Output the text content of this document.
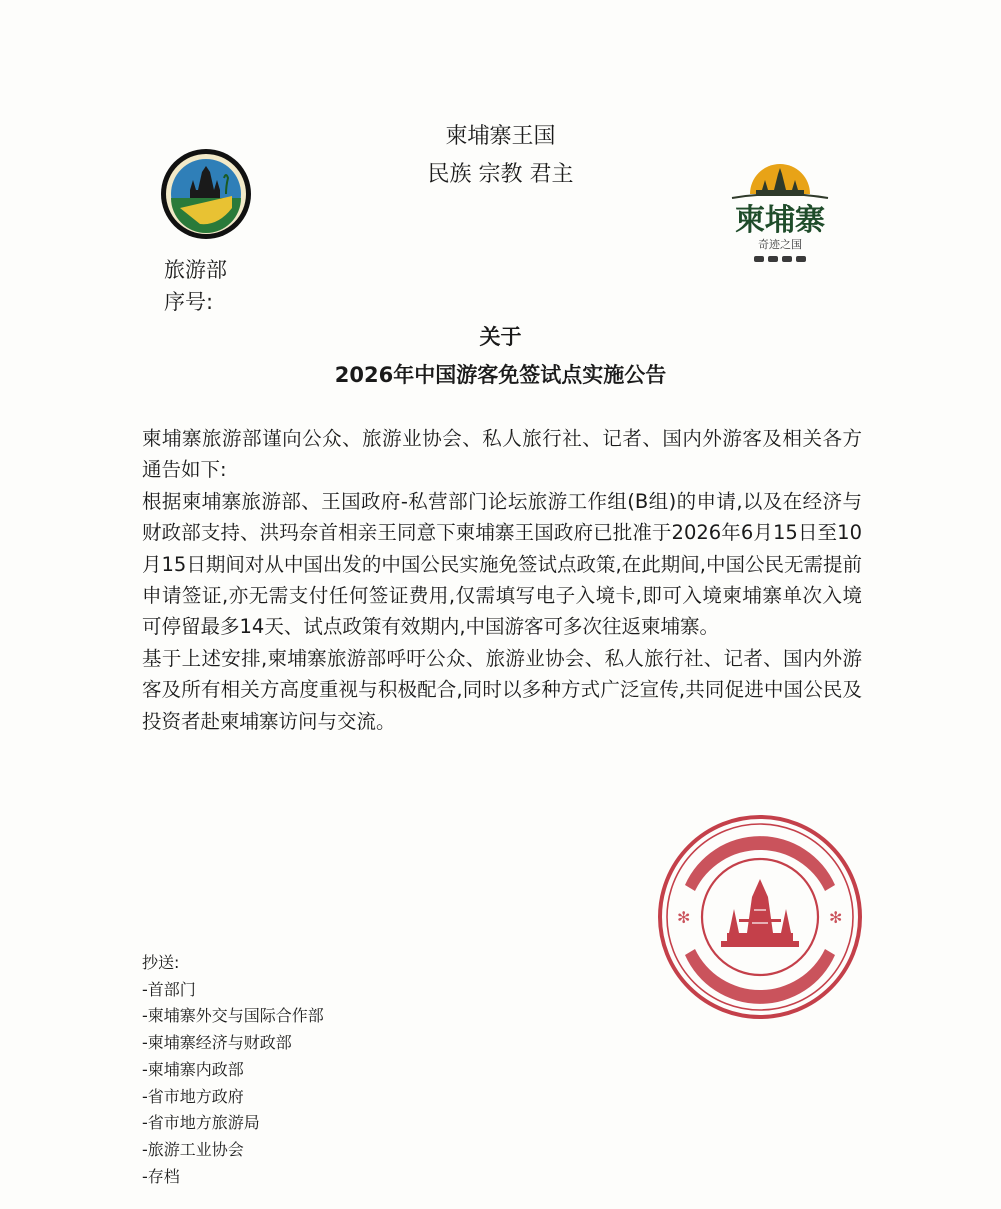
柬埔寨王国
民族 宗教 君主
柬埔寨
奇迹之国
旅游部
序号:
关于
2026年中国游客免签试点实施公告

柬埔寨旅游部谨向公众、旅游业协会、私人旅行社、记者、国内外游客及相关各方通告如下:

根据柬埔寨旅游部、王国政府-私营部门论坛旅游工作组(B组)的申请,以及在经济与财政部支持、洪玛奈首相亲王同意下柬埔寨王国政府已批准于2026年6月15日至10月15日期间对从中国出发的中国公民实施免签试点政策,在此期间,中国公民无需提前申请签证,亦无需支付任何签证费用,仅需填写电子入境卡,即可入境柬埔寨单次入境可停留最多14天、试点政策有效期内,中国游客可多次往返柬埔寨。

基于上述安排,柬埔寨旅游部呼吁公众、旅游业协会、私人旅行社、记者、国内外游客及所有相关方高度重视与积极配合,同时以多种方式广泛宣传,共同促进中国公民及投资者赴柬埔寨访问与交流。

✻	✻
抄送:
-首部门
-柬埔寨外交与国际合作部
-柬埔寨经济与财政部
-柬埔寨内政部
-省市地方政府
-省市地方旅游局
-旅游工业协会
-存档
